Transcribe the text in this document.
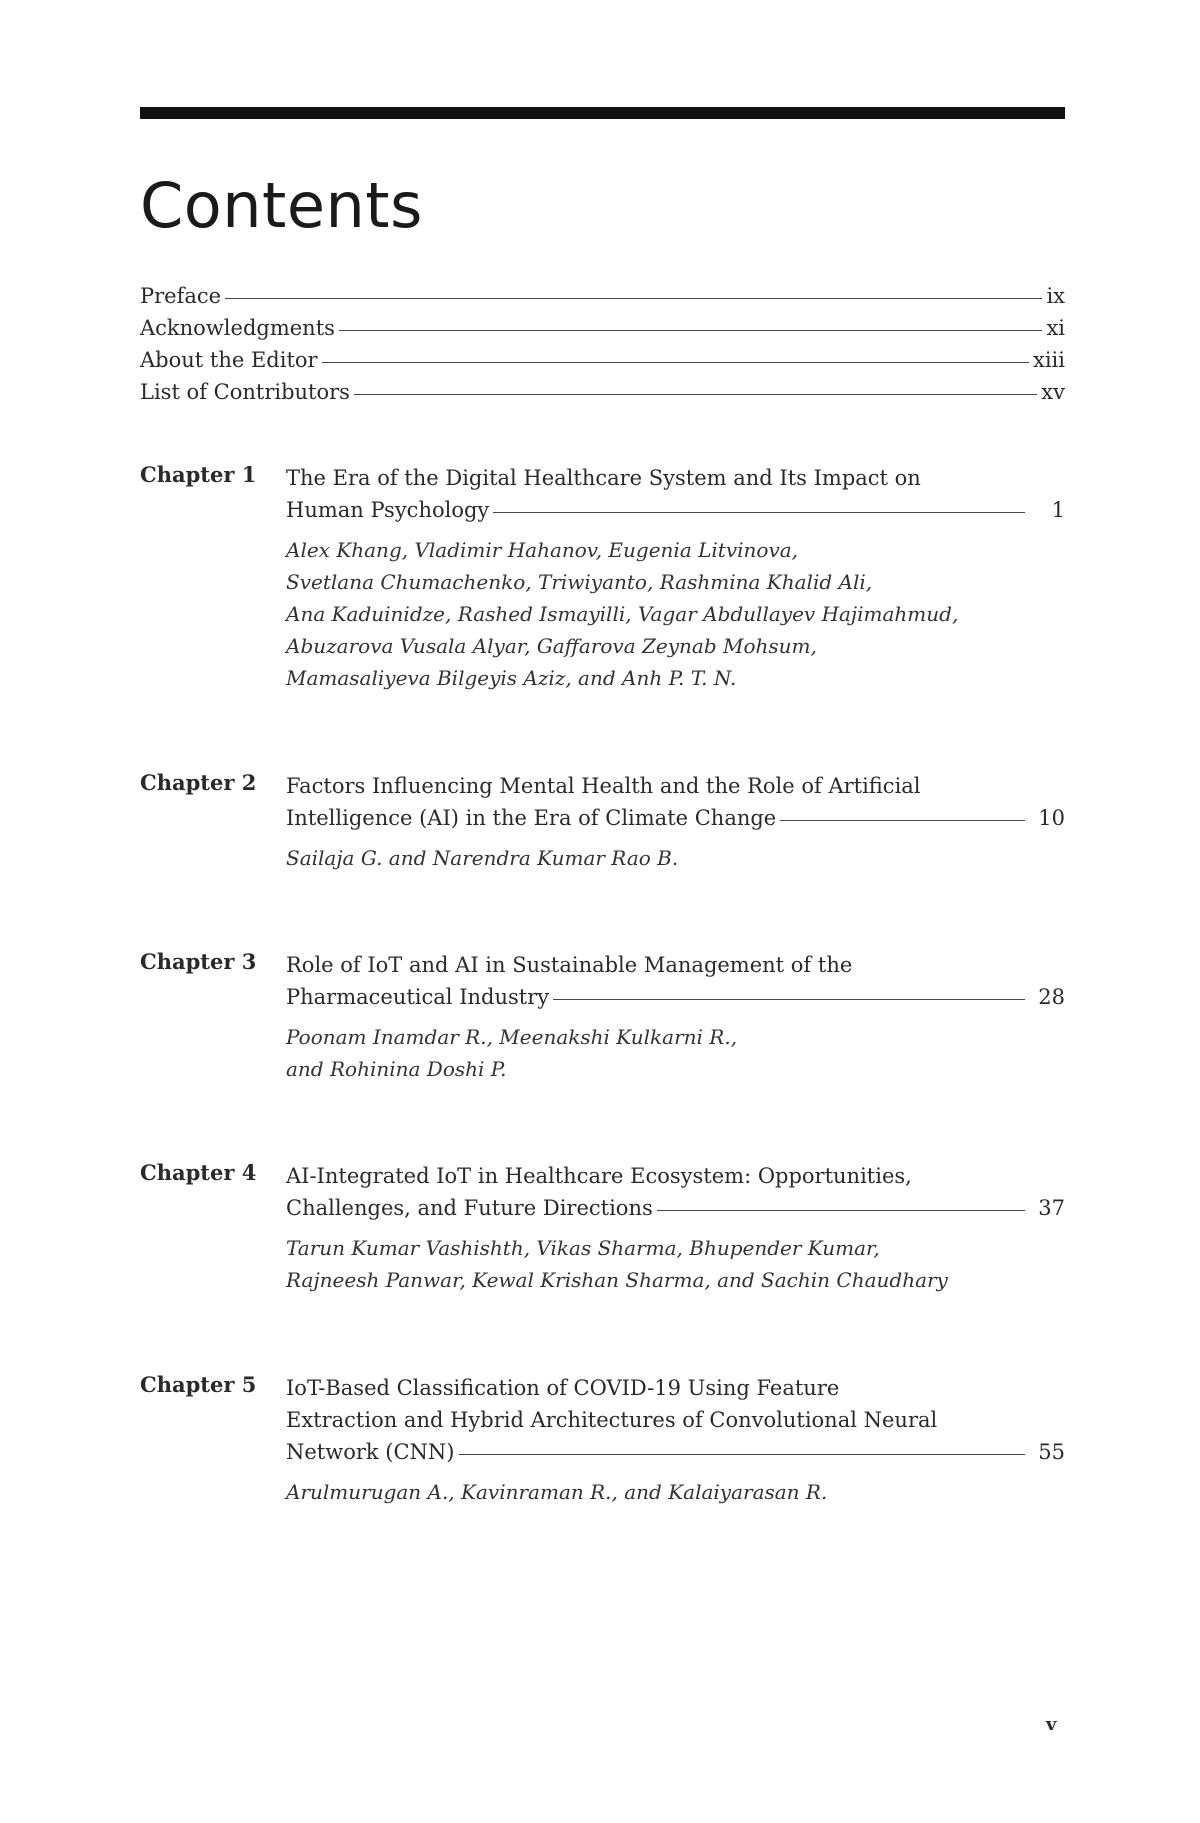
Contents
Preface	ix
Acknowledgments	xi
About the Editor	xiii
List of Contributors	xv
Chapter 1 The Era of the Digital Healthcare System and Its Impact on
Human Psychology	1
Alex Khang, Vladimir Hahanov, Eugenia Litvinova,
Svetlana Chumachenko, Triwiyanto, Rashmina Khalid Ali,
Ana Kaduinidze, Rashed Ismayilli, Vagar Abdullayev Hajimahmud,
Abuzarova Vusala Alyar, Gaffarova Zeynab Mohsum,
Mamasaliyeva Bilgeyis Aziz, and Anh P. T. N.
Chapter 2 Factors Influencing Mental Health and the Role of Artificial
Intelligence (AI) in the Era of Climate Change	10
Sailaja G. and Narendra Kumar Rao B.
Chapter 3 Role of IoT and AI in Sustainable Management of the
Pharmaceutical Industry	28
Poonam Inamdar R., Meenakshi Kulkarni R.,
and Rohinina Doshi P.
Chapter 4 AI-Integrated IoT in Healthcare Ecosystem: Opportunities,
Challenges, and Future Directions	37
Tarun Kumar Vashishth, Vikas Sharma, Bhupender Kumar,
Rajneesh Panwar, Kewal Krishan Sharma, and Sachin Chaudhary
Chapter 5 IoT-Based Classification of COVID-19 Using Feature
Extraction and Hybrid Architectures of Convolutional Neural
Network (CNN)	55
Arulmurugan A., Kavinraman R., and Kalaiyarasan R.
v
